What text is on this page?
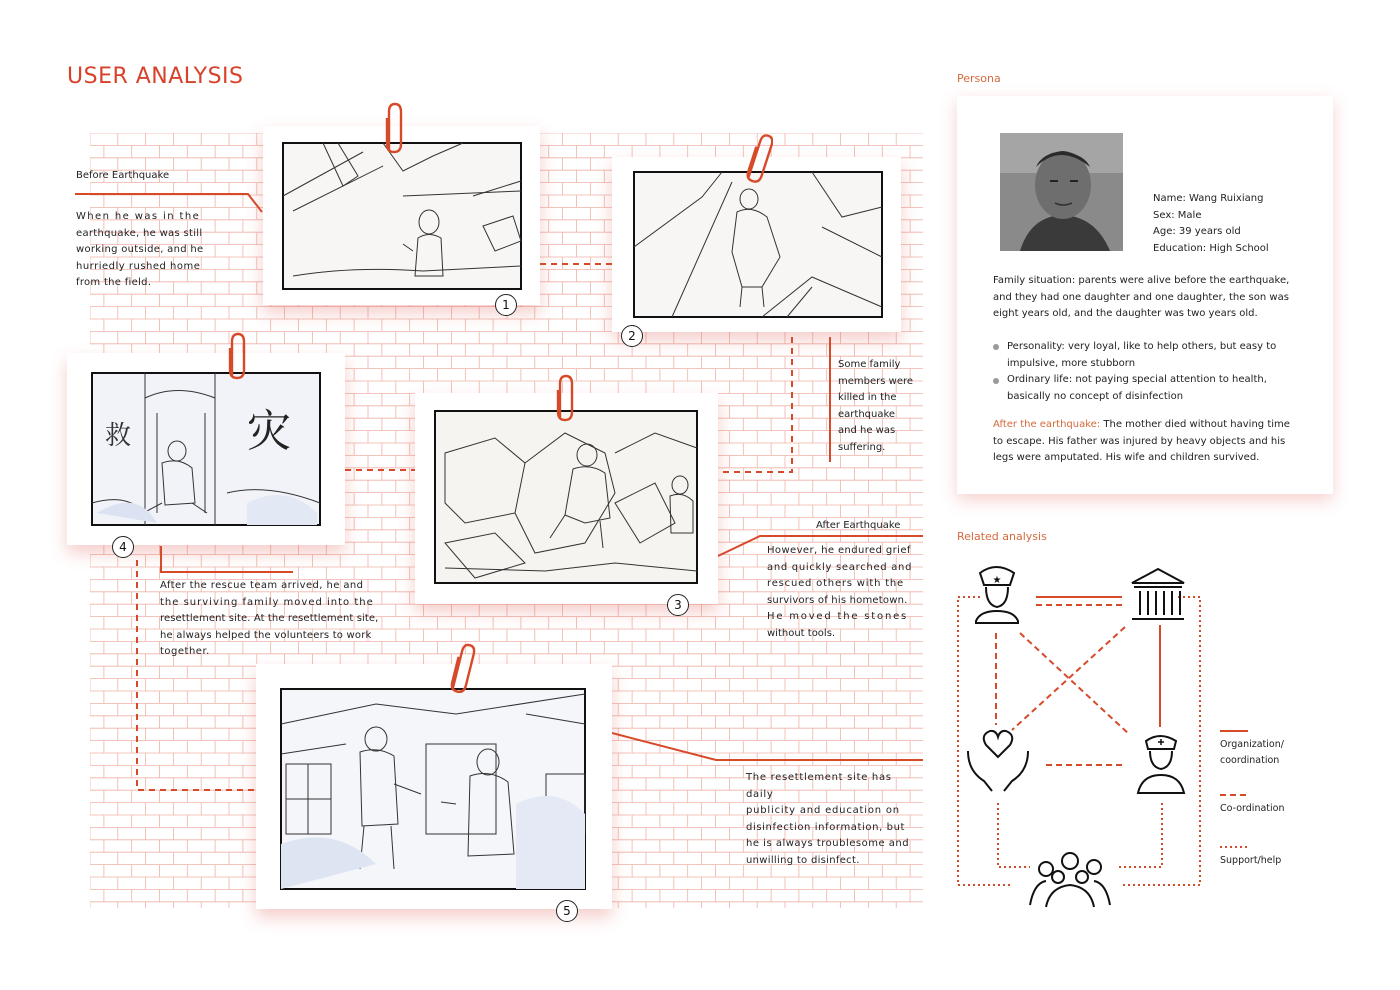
USER ANALYSIS
Before Earthquake
When he was in the
earthquake, he was still
working outside, and he
hurriedly rushed home
from the field.
Some family
members were
killed in the
earthquake
and he was
suffering.
After Earthquake
However, he endured grief
and quickly searched and
rescued others with the
survivors of his hometown.
He moved the stones
without tools.
After the rescue team arrived, he and
the surviving family moved into the
resettlement site. At the resettlement site,
he always helped the volunteers to work
together.
The resettlement site has daily
publicity and education on
disinfection information, but
he is always troublesome and
unwilling to disinfect.
1
2
3
救	灾
4
5
Persona
Name: Wang Ruixiang
Sex: Male
Age: 39 years old
Education: High School
Family situation: parents were alive before the earthquake,
and they had one daughter and one daughter, the son was
eight years old, and the daughter was two years old.
Personality: very loyal, like to help others, but easy to
impulsive, more stubborn
Ordinary life: not paying special attention to health,
basically no concept of disinfection
After the earthquake: The mother died without having time
to escape. His father was injured by heavy objects and his
legs were amputated. His wife and children survived.
Related analysis
★
Organization/
coordination
Co-ordination
Support/help
